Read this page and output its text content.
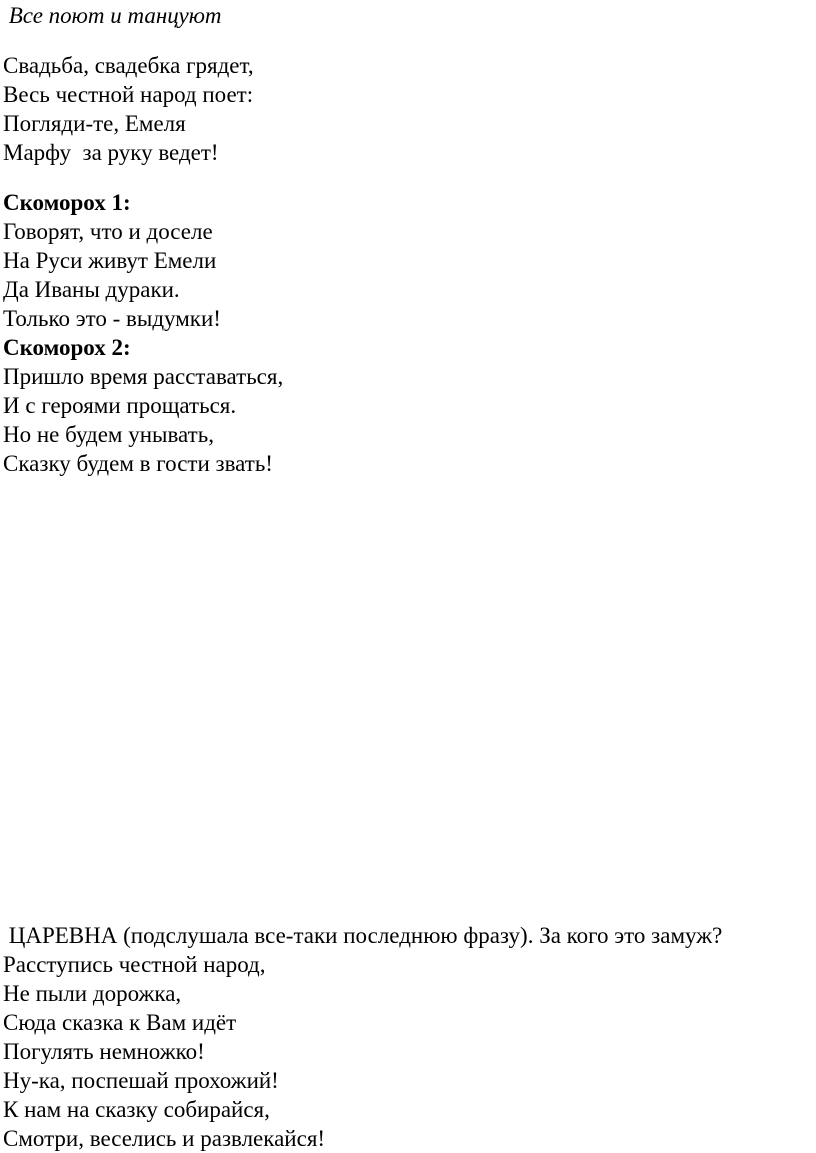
Все поют и танцуют
Свадьба, свадебка грядет,
Весь честной народ поет:
Погляди-те, Емеля
Марфу  за руку ведет!
Скоморох 1:
Говорят, что и доселе
На Руси живут Емели
Да Иваны дураки.
Только это - выдумки!
Скоморох 2:
Пришло время расставаться,
И с героями прощаться.
Но не будем унывать,
Сказку будем в гости звать!
ЦАРЕВНА (подслушала все-таки последнюю фразу). За кого это замуж?
Расступись честной народ,
Не пыли дорожка,
Сюда сказка к Вам идёт
Погулять немножко!
Ну-ка, поспешай прохожий!
К нам на сказку собирайся,
Смотри, веселись и развлекайся!
